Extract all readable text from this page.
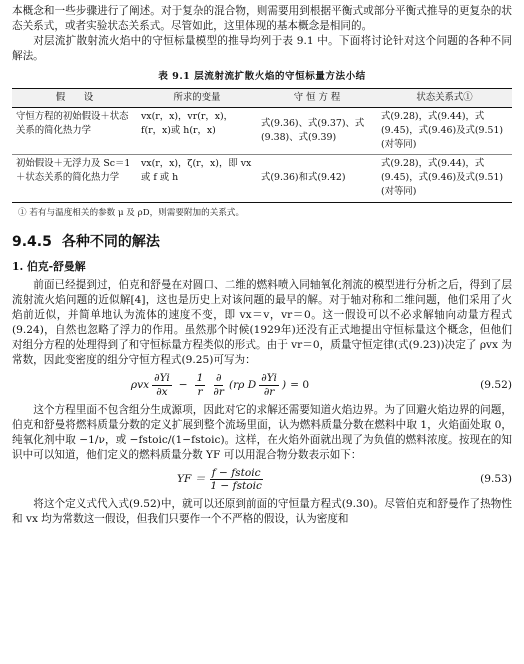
本概念和一些步骤进行了阐述。对于复杂的混合物，则需要用到根据平衡式或部分平衡式推导的更复杂的状态关系式，或者实验状态关系式。尽管如此，这里体现的基本概念是相同的。

对层流扩散射流火焰中的守恒标量模型的推导均列于表 9.1 中。下面将讨论针对这个问题的各种不同解法。

表 9.1 层流射流扩散火焰的守恒标量方法小结
假　　设	所求的变量	守 恒 方 程	状态关系式①
守恒方程的初始假设＋状态关系的简化热力学	vx(r，x)，vr(r，x)，f(r，x)或 h(r，x)	式(9.36)、式(9.37)、式(9.38)、式(9.39)	式(9.28)，式(9.44)，式(9.45)，式(9.46)及式(9.51)(对等同)
初始假设＋无浮力及 Sc＝1＋状态关系的简化热力学	vx(r，x)，ζ(r，x)，即 vx 或 f 或 h	式(9.36)和式(9.42)	式(9.28)，式(9.44)，式(9.45)，式(9.46)及式(9.51)(对等同)
① 若有与温度相关的参数 μ 及 ρD，则需要附加的关系式。
9.4.5 各种不同的解法
1. 伯克-舒曼解

前面已经提到过，伯克和舒曼在对圆口、二维的燃料喷入同轴氧化剂流的模型进行分析之后，得到了层流射流火焰问题的近似解[4]，这也是历史上对该问题的最早的解。对于轴对称和二维问题，他们采用了火焰前近似，并简单地认为流体的速度不变，即 vx＝v，vr＝0。这一假设可以不必求解轴向动量方程式(9.24)，自然也忽略了浮力的作用。虽然那个时候(1929年)还没有正式地提出守恒标量这个概念，但他们对组分方程的处理得到了和守恒标量方程类似的形式。由于 vr＝0，质量守恒定律(式(9.23))决定了 ρvx 为常数，因此变密度的组分守恒方程式(9.25)可写为：

ρvx $\frac{\partial Yi}{\partial x} - \frac{1}{r} \frac{\partial}{\partial r} (r\rho$ D $\frac{\partial Yi}{\partial r}$ ) = 0	(9.52)

这个方程里面不包含组分生成源项，因此对它的求解还需要知道火焰边界。为了回避火焰边界的问题，伯克和舒曼将燃料质量分数的定义扩展到整个流场里面，认为燃料质量分数在燃料中取 1，火焰面处取 0，纯氧化剂中取 −1/ν，或 −fstoic/(1−fstoic)。这样，在火焰外面就出现了为负值的燃料浓度。按现在的知识中可以知道，他们定义的燃料质量分数 YF 可以用混合物分数表示如下：

YF ＝ $\frac{\text{f − fstoic}}{\text{1 − fstoic}}$	(9.53)

将这个定义式代入式(9.52)中，就可以还原到前面的守恒量方程式(9.30)。尽管伯克和舒曼作了热物性和 vx 均为常数这一假设，但我们只要作一个不严格的假设，认为密度和
